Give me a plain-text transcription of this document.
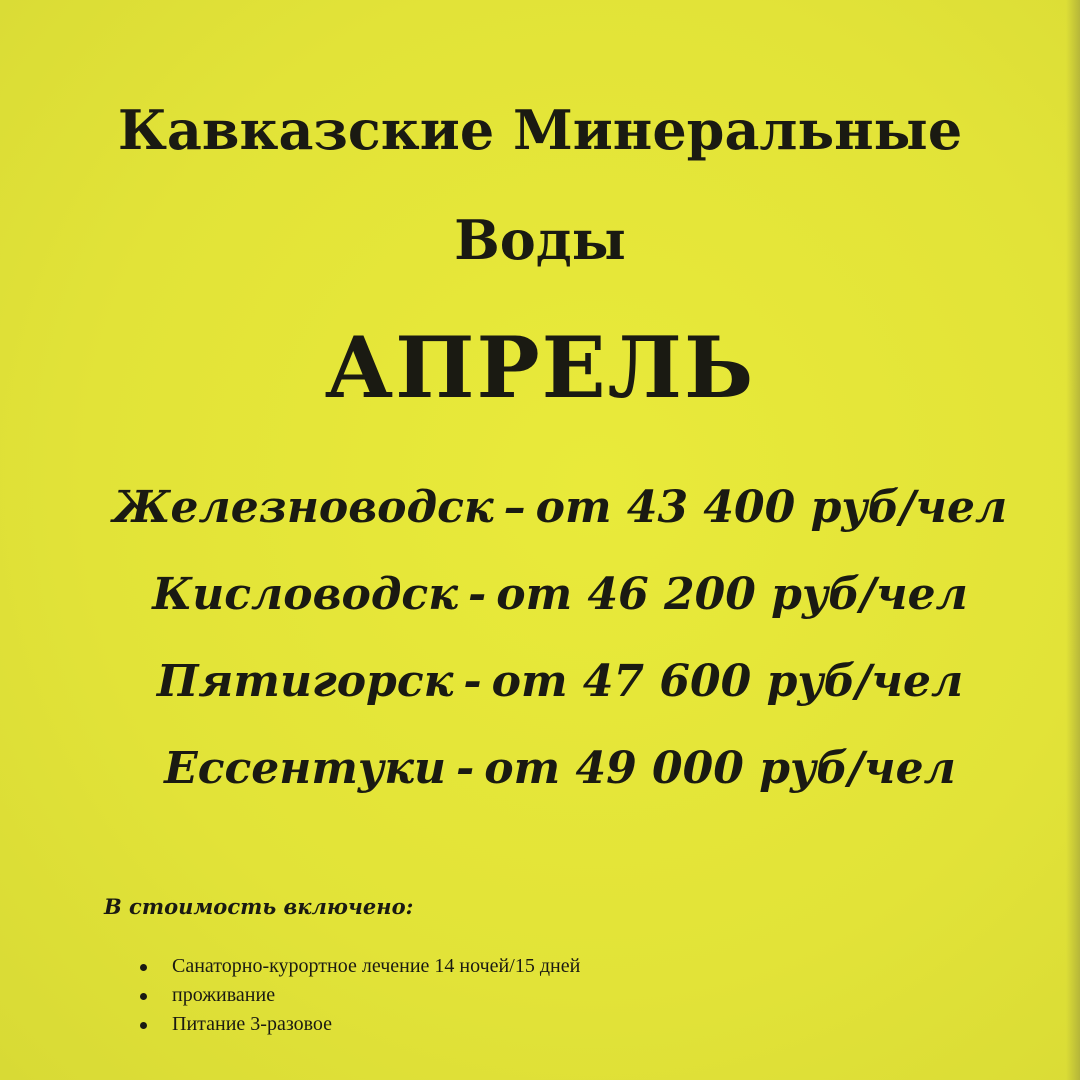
Кавказские Минеральные
Воды
АПРЕЛЬ
Железноводск – от 43 400 руб/чел
Кисловодск - от 46 200 руб/чел
Пятигорск - от 47 600 руб/чел
Ессентуки - от 49 000 руб/чел

В стоимость включено:

Санаторно-курортное лечение 14 ночей/15 дней
проживание
Питание 3-разовое
